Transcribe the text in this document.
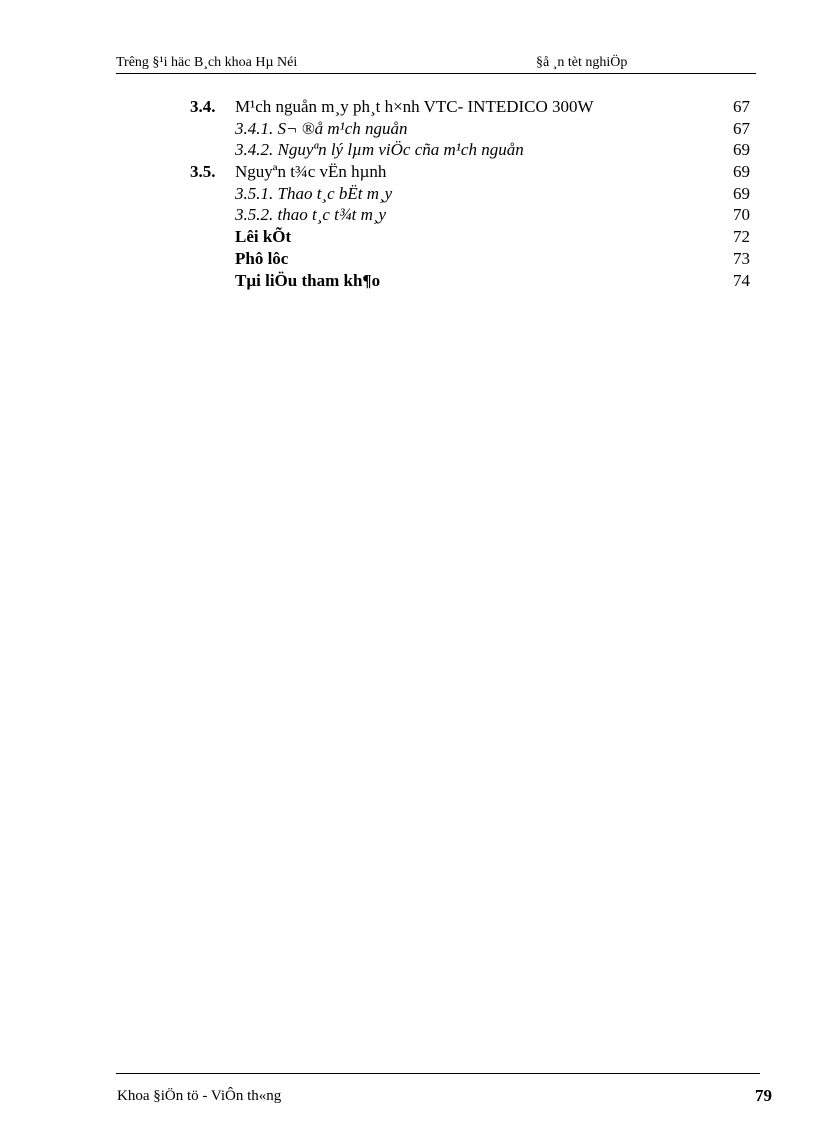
Trêng §¹i häc B¸ch khoa Hµ Néi	§å ¸n tèt nghiÖp
3.4. M¹ch nguån m¸y ph¸t h×nh VTC- INTEDICO 300W	67
3.4.1. S¬ ®å m¹ch nguån	67
3.4.2. Nguyªn lý lµm viÖc cña m¹ch nguån	69
3.5. Nguyªn t¾c vËn hµnh	69
3.5.1. Thao t¸c bËt m¸y	69
3.5.2. thao t¸c t¾t m¸y	70
Lêi kÕt	72
Phô lôc	73
Tµi liÖu tham kh¶o	74
Khoa §iÖn tö - ViÔn th«ng	79
